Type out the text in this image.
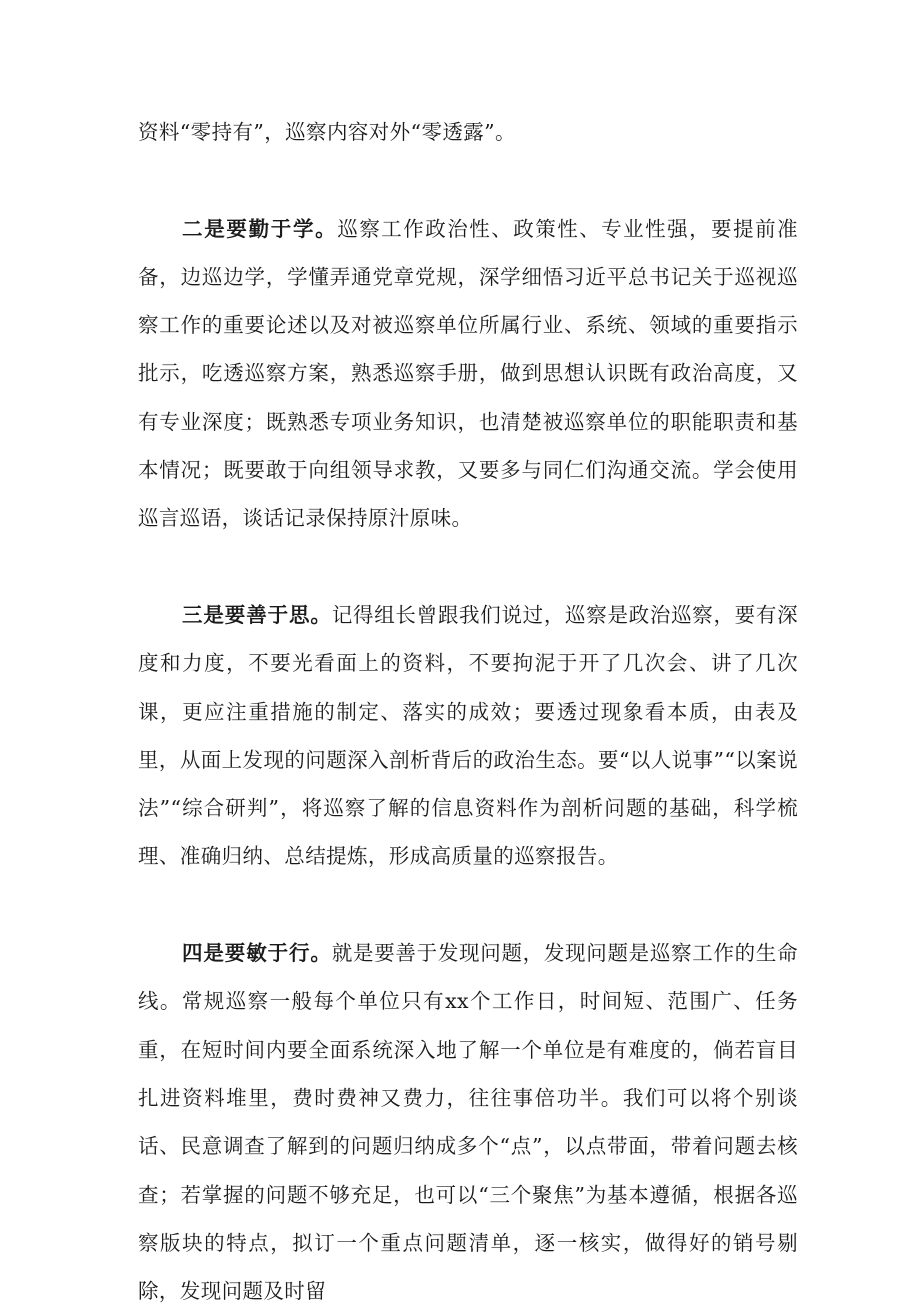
资料“零持有”，巡察内容对外“零透露”。

二是要勤于学。巡察工作政治性、政策性、专业性强，要提前准备，边巡边学，学懂弄通党章党规，深学细悟习近平总书记关于巡视巡察工作的重要论述以及对被巡察单位所属行业、系统、领域的重要指示批示，吃透巡察方案，熟悉巡察手册，做到思想认识既有政治高度，又有专业深度；既熟悉专项业务知识，也清楚被巡察单位的职能职责和基本情况；既要敢于向组领导求教，又要多与同仁们沟通交流。学会使用巡言巡语，谈话记录保持原汁原味。

三是要善于思。记得组长曾跟我们说过，巡察是政治巡察，要有深度和力度，不要光看面上的资料，不要拘泥于开了几次会、讲了几次课，更应注重措施的制定、落实的成效；要透过现象看本质，由表及里，从面上发现的问题深入剖析背后的政治生态。要“以人说事”“以案说法”“综合研判”，将巡察了解的信息资料作为剖析问题的基础，科学梳理、准确归纳、总结提炼，形成高质量的巡察报告。

四是要敏于行。就是要善于发现问题，发现问题是巡察工作的生命线。常规巡察一般每个单位只有xx个工作日，时间短、范围广、任务重，在短时间内要全面系统深入地了解一个单位是有难度的，倘若盲目扎进资料堆里，费时费神又费力，往往事倍功半。我们可以将个别谈话、民意调查了解到的问题归纳成多个“点”，以点带面，带着问题去核查；若掌握的问题不够充足，也可以“三个聚焦”为基本遵循，根据各巡察版块的特点，拟订一个重点问题清单，逐一核实，做得好的销号剔除，发现问题及时留
